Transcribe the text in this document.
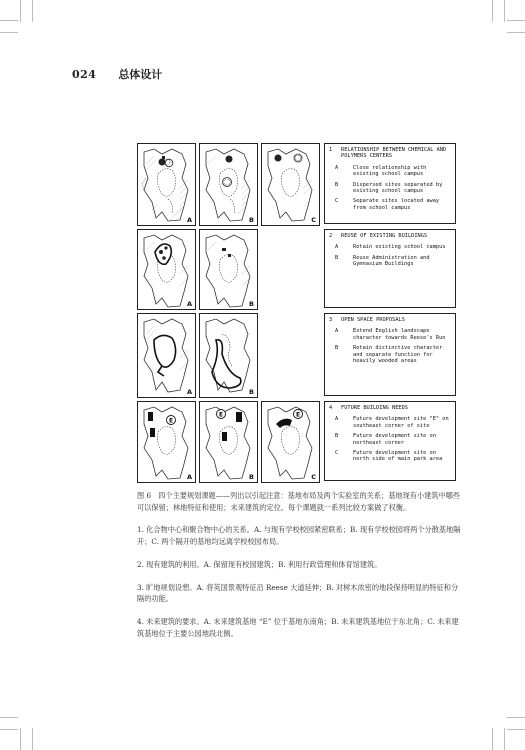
024 总体设计
A	B	C
1	RELATIONSHIP BETWEEN CHEMICAL AND POLYMERS CENTERS
A	Close relationship with existing school campus
B	Dispersed sites separated by existing school campus
C	Separate sites located away from school campus
A	B
2	REUSE OF EXISTING BUILDINGS
A	Retain existing school campus
B	Reuse Administration and Gymnasium Buildings
A	B
3	OPEN SPACE PROPOSALS
A	Extend English landscape character towards Reese's Run
B	Retain distinctive character and separate function for heavily wooded areas
E
A
E
B
E
C
4	FUTURE BUILDING NEEDS
A	Future development site "E" on southeast corner of site
B	Future development site on northeast corner
C	Future development site on north side of main park area
图 6　四个主要规划课题——列出以引起注意：基地布局及两个实验室的关系；基地现有小建筑中哪些可以保留；林地特征和使用；未来建筑的定位。每个课题就一系列比较方案做了权衡。

1. 化合物中心和聚合物中心的关系。A. 与现有学校校园紧密联系；B. 现有学校校园将两个分散基地隔开；C. 两个隔开的基地均远离学校校园布局。

2. 现有建筑的利用。A. 保留现有校园建筑；B. 利用行政管理和体育馆建筑。

3. 旷地规划设想。A. 将英国景观特征沿 Reese 大道延伸；B. 对树木浓密的地段保持明显的特征和分隔的功能。

4. 未来建筑的要求。A. 未来建筑基地 “E” 位于基地东南角；B. 未来建筑基地位于东北角；C. 未来建筑基地位于主要公园地段北侧。
